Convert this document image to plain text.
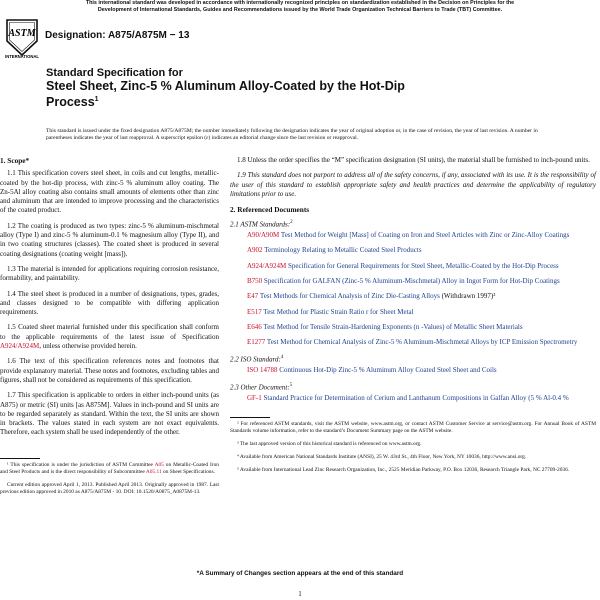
This international standard was developed in accordance with internationally recognized principles on standardization established in the Decision on Principles for the
Development of International Standards, Guides and Recommendations issued by the World Trade Organization Technical Barriers to Trade (TBT) Committee.
ASTM
INTERNATIONAL
Designation: A875/A875M − 13
Standard Specification for
Steel Sheet, Zinc-5 % Aluminum Alloy-Coated by the Hot-Dip
Process$^1$
This standard is issued under the fixed designation A875/A875M; the number immediately following the designation indicates the year of original adoption or, in the case of revision, the year of last revision. A number in parentheses indicates the year of last reapproval. A superscript epsilon (ε) indicates an editorial change since the last revision or reapproval.
1. Scope*

1.1 This specification covers steel sheet, in coils and cut lengths, metallic-coated by the hot-dip process, with zinc-5 % aluminum alloy coating. The Zn-5Al alloy coating also contains small amounts of elements other than zinc and aluminum that are intended to improve processing and the characteristics of the coated product.

1.2 The coating is produced as two types: zinc-5 % aluminum-mischmetal alloy (Type I) and zinc-5 % aluminum-0.1 % magnesium alloy (Type II), and in two coating structures (classes). The coated sheet is produced in several coating designations (coating weight [mass]).

1.3 The material is intended for applications requiring corrosion resistance, formability, and paintability.

1.4 The steel sheet is produced in a number of designations, types, grades, and classes designed to be compatible with differing application requirements.

1.5 Coated sheet material furnished under this specification shall conform to the applicable requirements of the latest issue of Specification A924/A924M, unless otherwise provided herein.

1.6 The text of this specification references notes and footnotes that provide explanatory material. These notes and footnotes, excluding tables and figures, shall not be considered as requirements of this specification.

1.7 This specification is applicable to orders in either inch-pound units (as A875) or metric (SI) units [as A875M]. Values in inch-pound and SI units are to be regarded separately as standard. Within the text, the SI units are shown in brackets. The values stated in each system are not exact equivalents. Therefore, each system shall be used independently of the other.

¹ This specification is under the jurisdiction of ASTM Committee A05 on Metallic-Coated Iron and Steel Products and is the direct responsibility of Subcommittee A05.11 on Sheet Specifications.

Current edition approved April 1, 2013. Published April 2013. Originally approved in 1987. Last previous edition approved in 2010 as A875/A875M - 10. DOI: 10.1520/A0875_A0875M-13.

1.8 Unless the order specifies the “M” specification designation (SI units), the material shall be furnished to inch-pound units.

1.9 This standard does not purport to address all of the safety concerns, if any, associated with its use. It is the responsibility of the user of this standard to establish appropriate safety and health practices and determine the applicability of regulatory limitations prior to use.

2. Referenced Documents

2.1 ASTM Standards:$^2$

A90/A90M Test Method for Weight [Mass] of Coating on Iron and Steel Articles with Zinc or Zinc-Alloy Coatings

A902 Terminology Relating to Metallic Coated Steel Products

A924/A924M Specification for General Requirements for Steel Sheet, Metallic-Coated by the Hot-Dip Process

B750 Specification for GALFAN (Zinc-5 % Aluminum-Mischmetal) Alloy in Ingot Form for Hot-Dip Coatings

E47 Test Methods for Chemical Analysis of Zinc Die-Casting Alloys (Withdrawn 1997)³

E517 Test Method for Plastic Strain Ratio r for Sheet Metal

E646 Test Method for Tensile Strain-Hardening Exponents (n -Values) of Metallic Sheet Materials

E1277 Test Method for Chemical Analysis of Zinc-5 % Aluminum-Mischmetal Alloys by ICP Emission Spectrometry

2.2 ISO Standard:$^4$

ISO 14788 Continuous Hot-Dip Zinc-5 % Aluminum Alloy Coated Steel Sheet and Coils

2.3 Other Document:$^5$

GF-1 Standard Practice for Determination of Cerium and Lanthanum Compositions in Galfan Alloy (5 % Al-0.4 %

² For referenced ASTM standards, visit the ASTM website, www.astm.org, or contact ASTM Customer Service at service@astm.org. For Annual Book of ASTM Standards volume information, refer to the standard’s Document Summary page on the ASTM website.

³ The last approved version of this historical standard is referenced on www.astm.org.

⁴ Available from American National Standards Institute (ANSI), 25 W. 43rd St., 4th Floor, New York, NY 10036, http://www.ansi.org.

⁵ Available from International Lead Zinc Research Organization, Inc., 2525 Meridian Parkway, P.O. Box 12036, Research Triangle Park, NC 27709-2036.

*A Summary of Changes section appears at the end of this standard
1
